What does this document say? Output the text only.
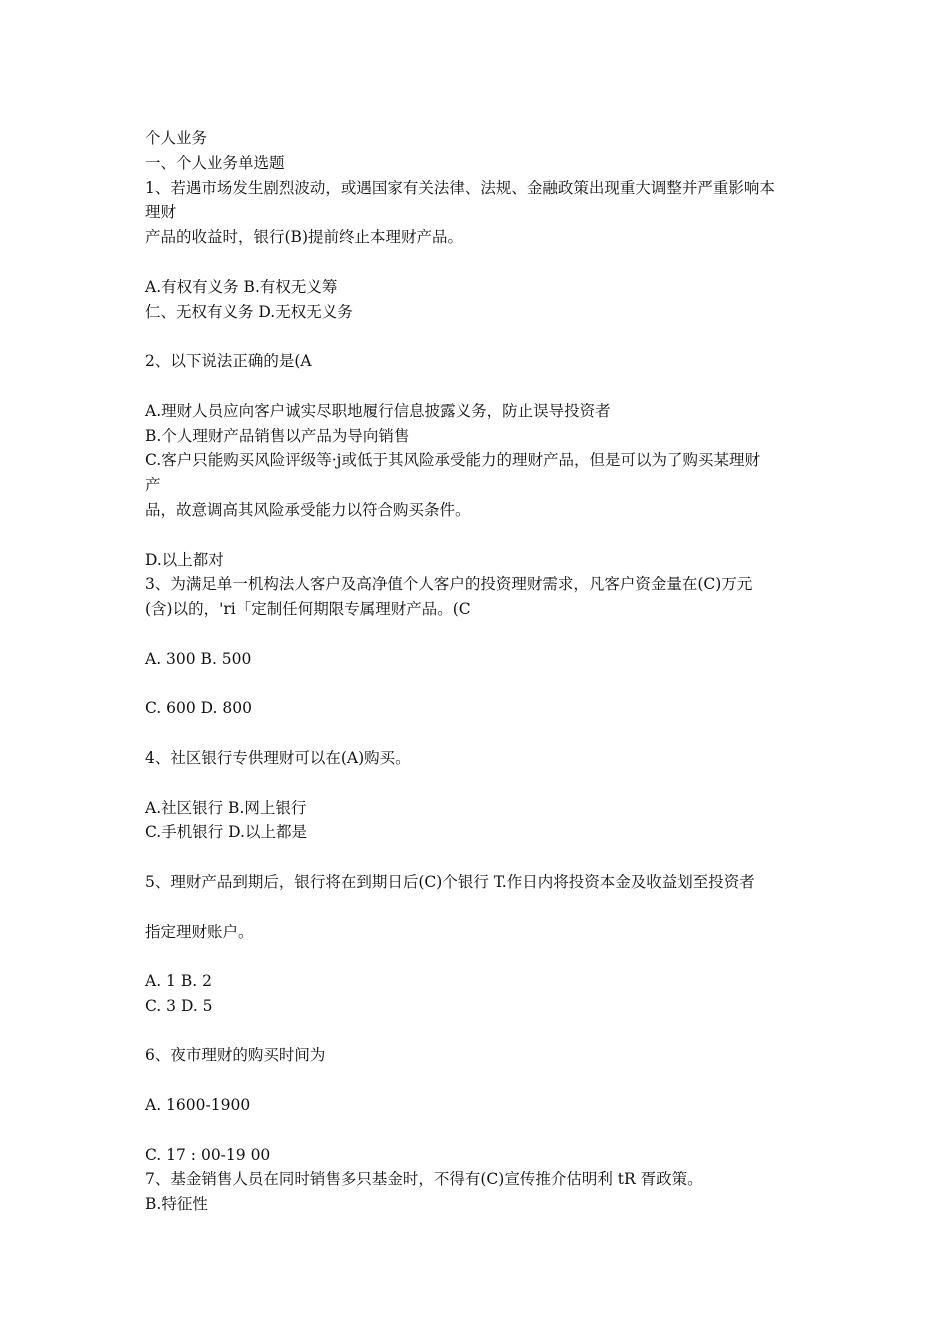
个人业务
一、个人业务单选题
1、若遇市场发生剧烈波动，或遇国家有关法律、法规、金融政策出现重大调整并严重影响本
理财
产品的收益时，银行(B)提前终止本理财产品。
A.有权有义务 B.有权无义筹
仁、无权有义务 D.无权无义务
2、以下说法正确的是(A
A.理财人员应向客户诚实尽职地履行信息披露义务，防止误导投资者
B.个人理财产品销售以产品为导向销售
C.客户只能购买风险评级等·j或低于其风险承受能力的理财产品，但是可以为了购买某理财
产
品，故意调高其风险承受能力以符合购买条件。
D.以上都对
3、为满足单一机构法人客户及高净值个人客户的投资理财需求，凡客户资金量在(C)万元
(含)以的，'ri「定制任何期限专属理财产品。(C
A. 300 B. 500
C. 600 D. 800
4、社区银行专供理财可以在(A)购买。
A.社区银行 B.网上银行
C.手机银行 D.以上都是
5、理财产品到期后，银行将在到期日后(C)个银行 T.作日内将投资本金及收益划至投资者
指定理财账户。
A. 1 B. 2
C. 3 D. 5
6、夜市理财的购买时间为
A. 1600-1900
C. 17 : 00-19 00
7、基金销售人员在同时销售多只基金时，不得有(C)宣传推介估明利 tR 胥政策。
B.特征性
